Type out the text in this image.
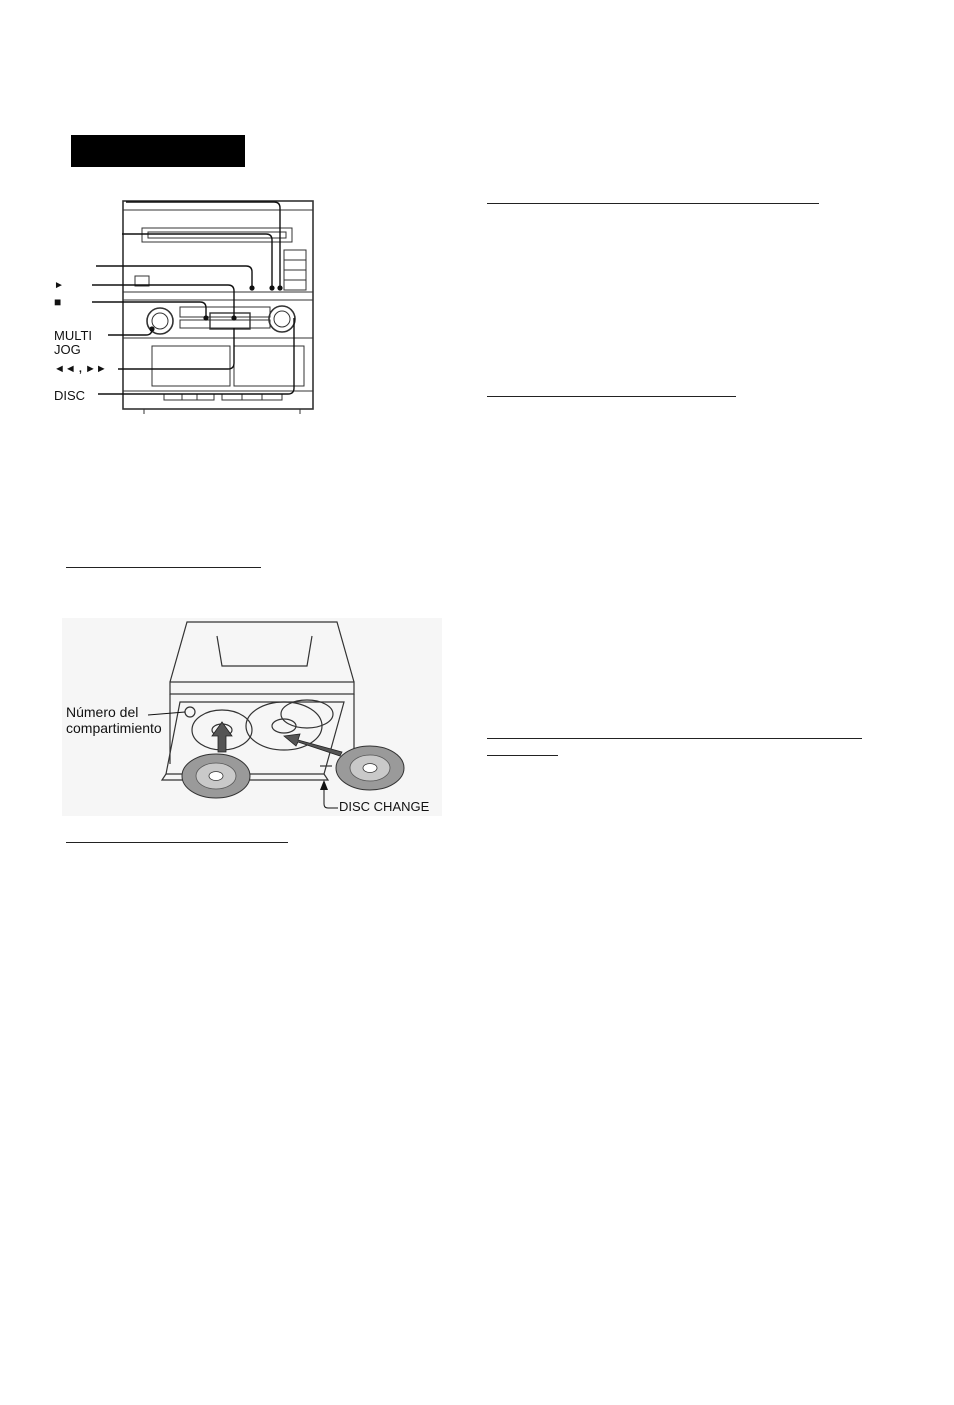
►
■
MULTI
JOG
◄◄ , ►►
DISC
Número del
compartimiento
DISC CHANGE
